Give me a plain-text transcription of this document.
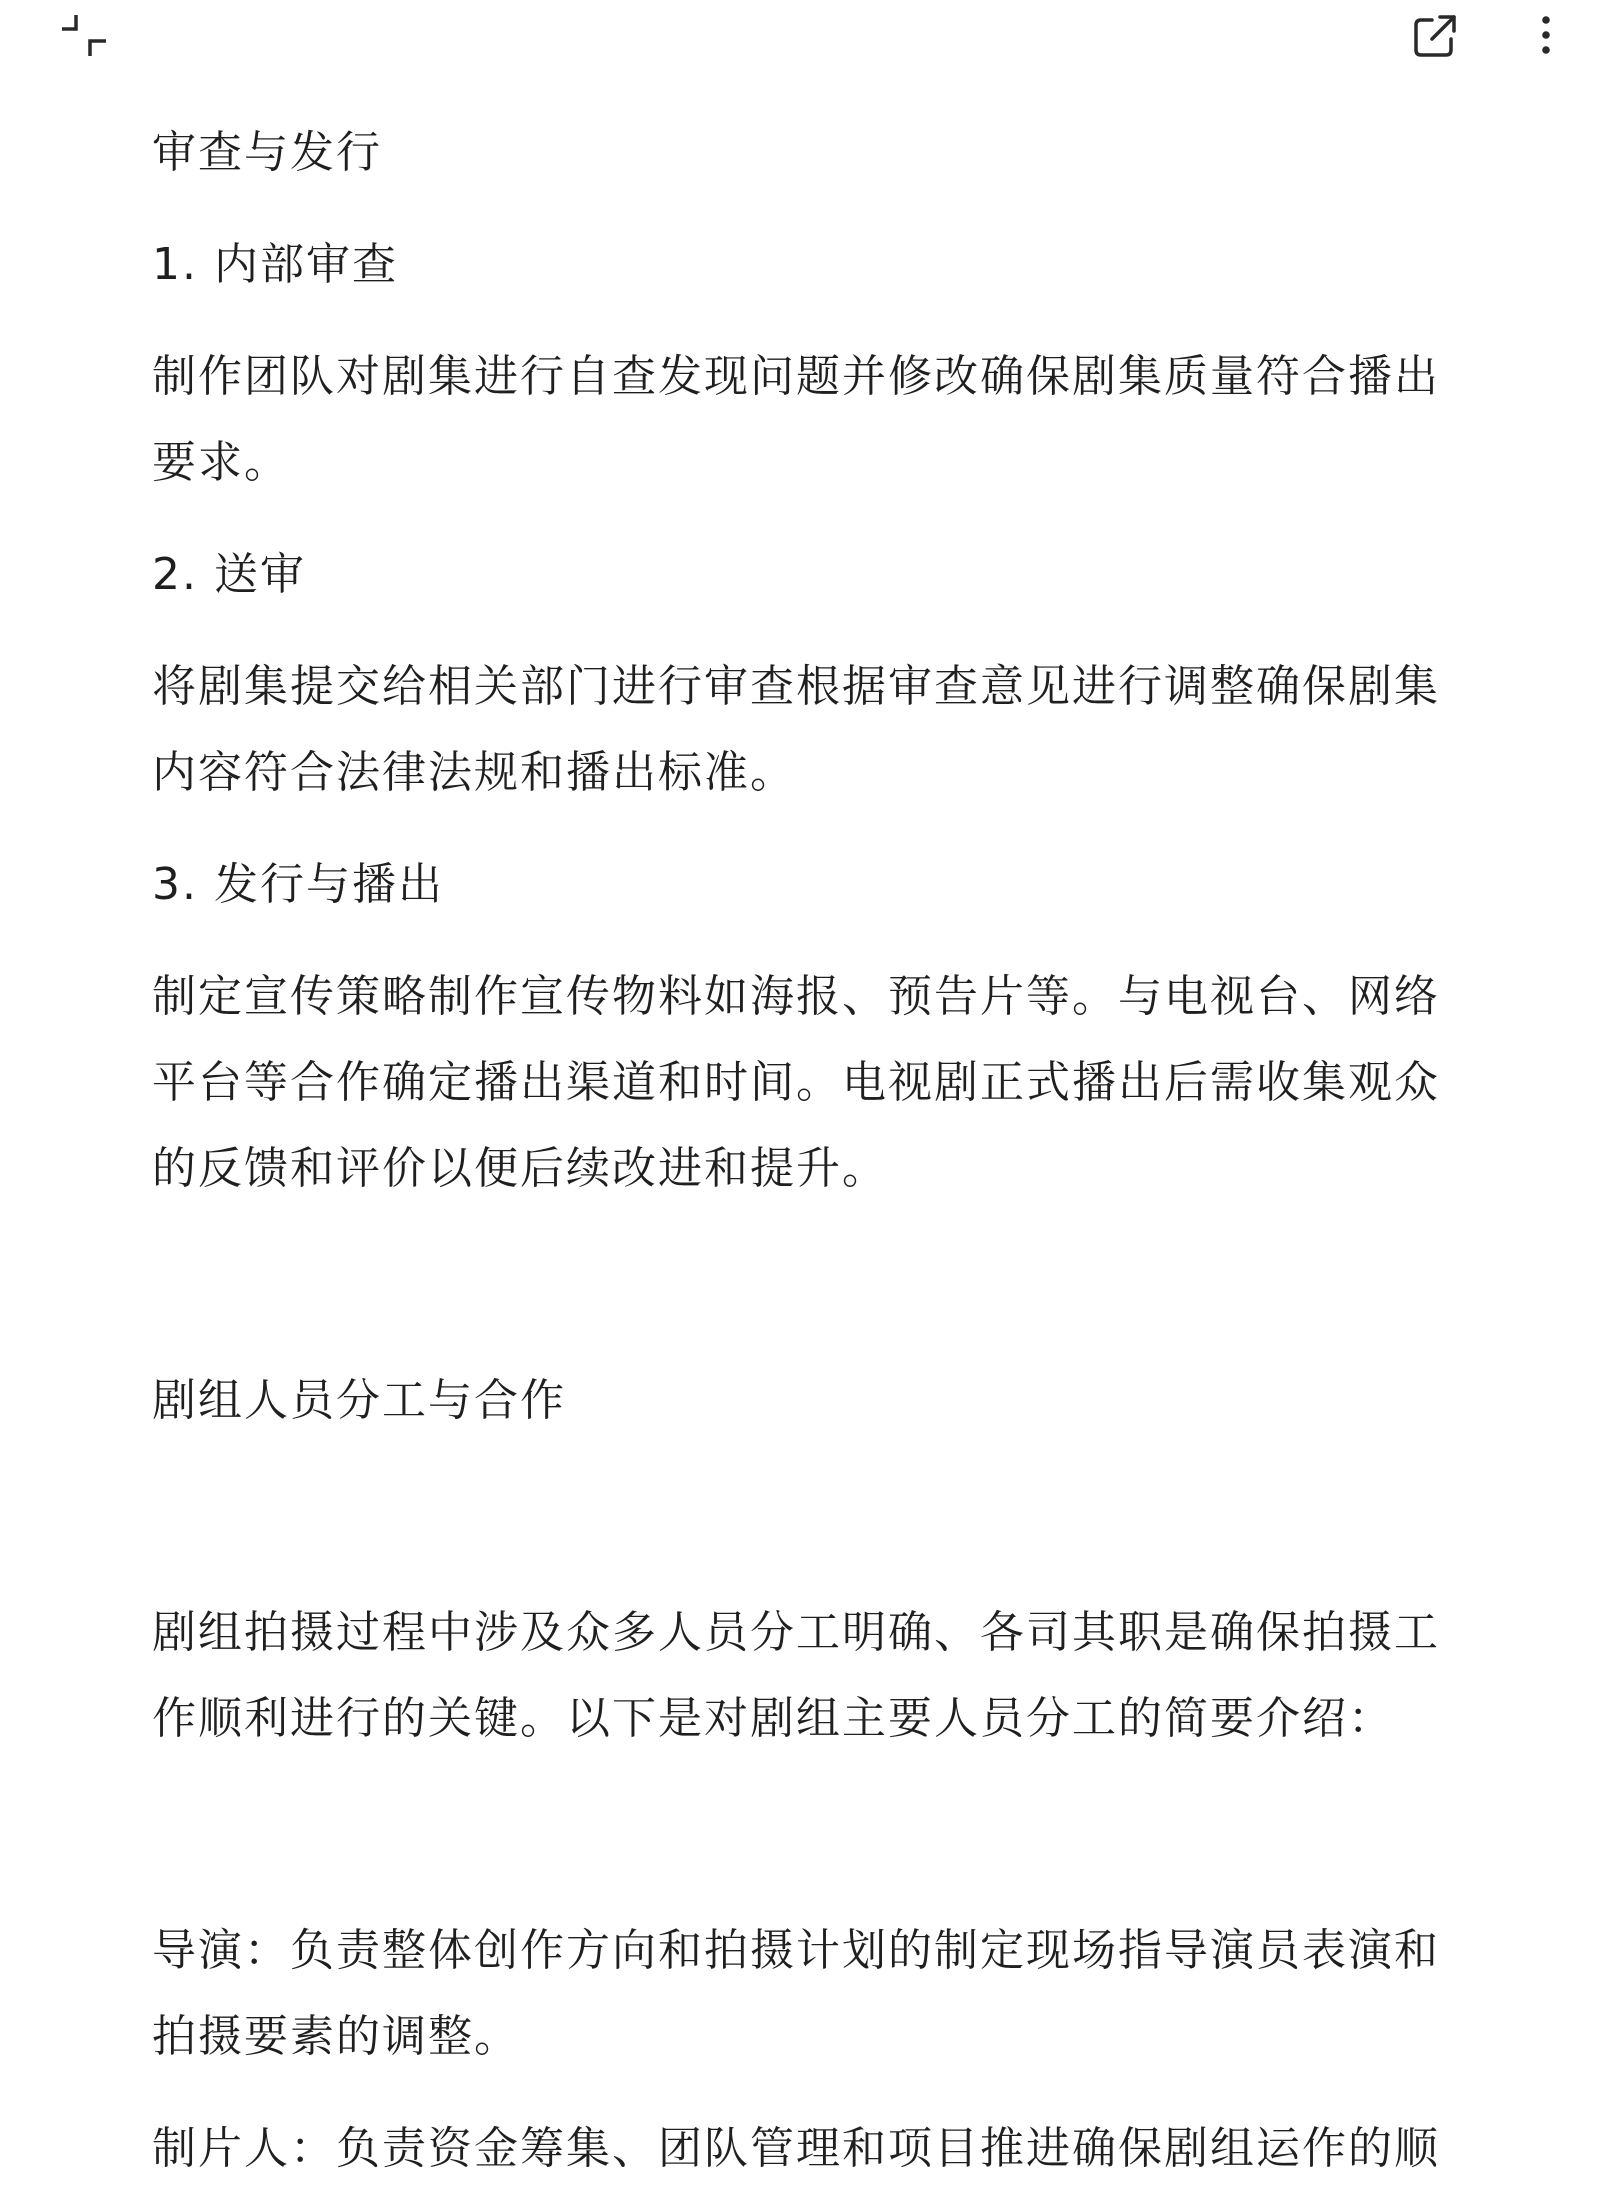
审查与发行

1. 内部审查

制作团队对剧集进行自查发现问题并修改确保剧集质量符合播出

要求。

2. 送审

将剧集提交给相关部门进行审查根据审查意见进行调整确保剧集

内容符合法律法规和播出标准。

3. 发行与播出

制定宣传策略制作宣传物料如海报、预告片等。与电视台、网络

平台等合作确定播出渠道和时间。电视剧正式播出后需收集观众

的反馈和评价以便后续改进和提升。

剧组人员分工与合作

剧组拍摄过程中涉及众多人员分工明确、各司其职是确保拍摄工

作顺利进行的关键。以下是对剧组主要人员分工的简要介绍：

导演：负责整体创作方向和拍摄计划的制定现场指导演员表演和

拍摄要素的调整。

制片人：负责资金筹集、团队管理和项目推进确保剧组运作的顺
